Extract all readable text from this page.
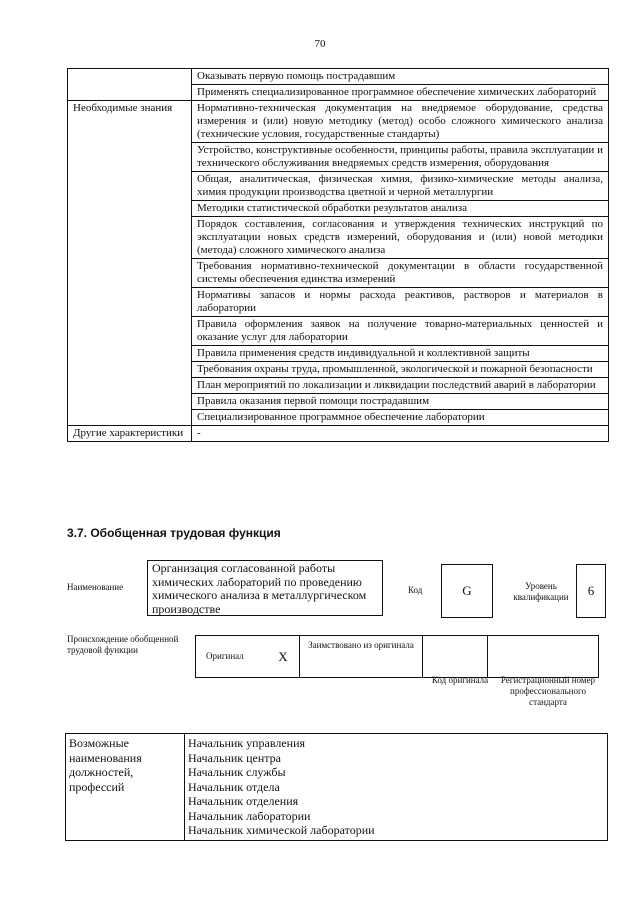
70
	Оказывать первую помощь пострадавшим
	Применять специализированное программное обеспечение химических лабораторий
Необходимые знания	Нормативно-техническая документация на внедряемое оборудование, средства измерения и (или) новую методику (метод) особо сложного химического анализа (технические условия, государственные стандарты)
	Устройство, конструктивные особенности, принципы работы, правила эксплуатации и технического обслуживания внедряемых средств измерения, оборудования
	Общая, аналитическая, физическая химия, физико-химические методы анализа, химия продукции производства цветной и черной металлургии
	Методики статистической обработки результатов анализа
	Порядок составления, согласования и утверждения технических инструкций по эксплуатации новых средств измерений, оборудования и (или) новой методики (метода) сложного химического анализа
	Требования нормативно-технической документации в области государственной системы обеспечения единства измерений
	Нормативы запасов и нормы расхода реактивов, растворов и материалов в лаборатории
	Правила оформления заявок на получение товарно-материальных ценностей и оказание услуг для лаборатории
	Правила применения средств индивидуальной и коллективной защиты
	Требования охраны труда, промышленной, экологической и пожарной безопасности
	План мероприятий по локализации и ликвидации последствий аварий в лаборатории
	Правила оказания первой помощи пострадавшим
	Специализированное программное обеспечение лаборатории
Другие характеристики	-
3.7. Обобщенная трудовая функция
Наименование
Организация согласованной работы химических лабораторий по проведению химического анализа в металлургическом производстве
Код	G	Уровень квалификации	6
Происхождение обобщенной трудовой функции
Оригинал	X	Заимствовано из оригинала		
Код оригинала	Регистрационный номер профессионального стандарта
Возможные наименования должностей, профессий	
Начальник управления
Начальник центра
Начальник службы
Начальник отдела
Начальник отделения
Начальник лаборатории
Начальник химической лаборатории
